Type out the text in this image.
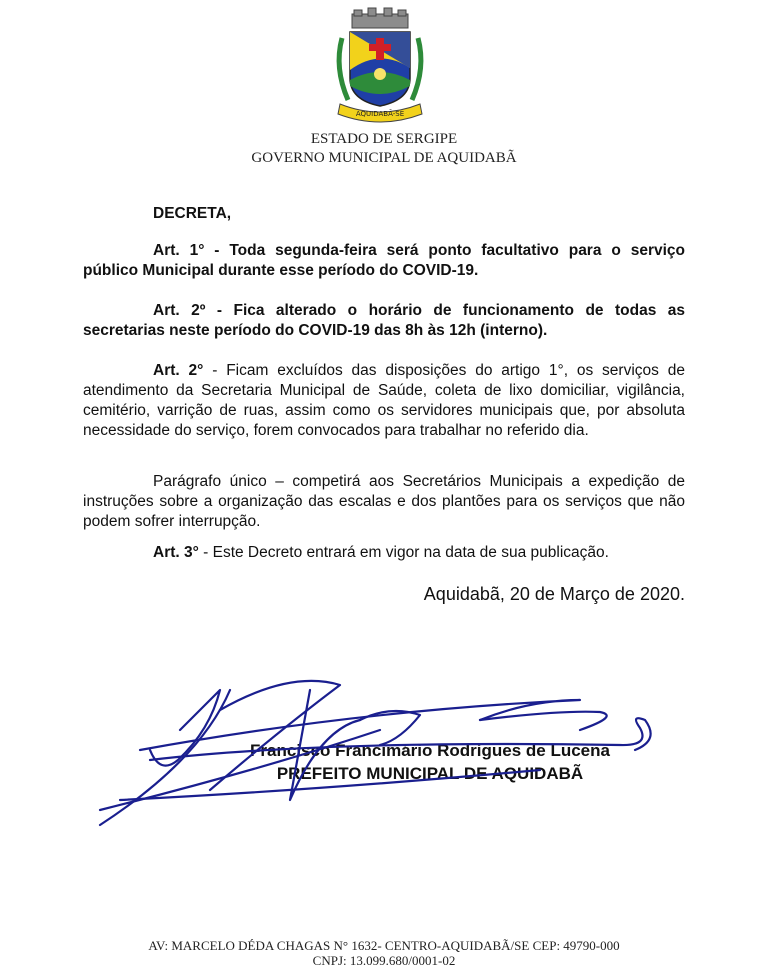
AQUIDABÃ-SE
ESTADO DE SERGIPE
GOVERNO MUNICIPAL DE AQUIDABÃ
DECRETA,

Art. 1° - Toda segunda-feira será ponto facultativo para o serviço público Municipal durante esse período do COVID-19.

Art. 2º - Fica alterado o horário de funcionamento de todas as secretarias neste período do COVID-19 das 8h às 12h (interno).

Art. 2° - Ficam excluídos das disposições do artigo 1°, os serviços de atendimento da Secretaria Municipal de Saúde, coleta de lixo domiciliar, vigilância, cemitério, varrição de ruas, assim como os servidores municipais que, por absoluta necessidade do serviço, forem convocados para trabalhar no referido dia.

Parágrafo único – competirá aos Secretários Municipais a expedição de instruções sobre a organização das escalas e dos plantões para os serviços que não podem sofrer interrupção.

Art. 3° - Este Decreto entrará em vigor na data de sua publicação.

Aquidabã, 20 de Março de 2020.
Francisco Francimário Rodrigues de Lucena
PREFEITO MUNICIPAL DE AQUIDABÃ
AV: MARCELO DÉDA CHAGAS N° 1632- CENTRO-AQUIDABÃ/SE CEP: 49790-000
CNPJ: 13.099.680/0001-02
